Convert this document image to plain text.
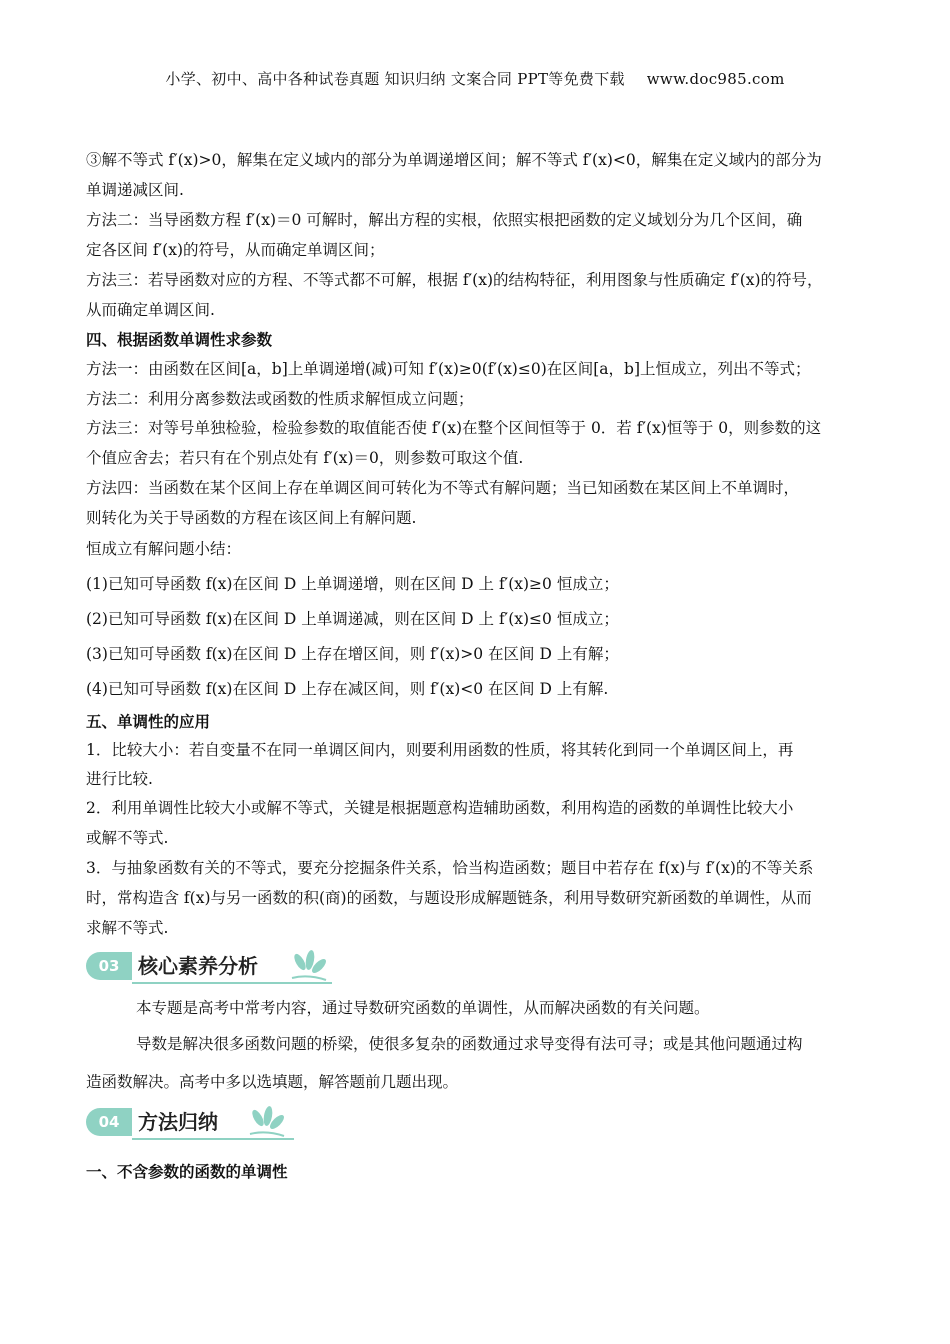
小学、初中、高中各种试卷真题 知识归纳 文案合同 PPT等免费下载 www.doc985.com
③解不等式 f′(x)>0，解集在定义域内的部分为单调递增区间；解不等式 f′(x)<0，解集在定义域内的部分为
单调递减区间.
方法二：当导函数方程 f′(x)＝0 可解时，解出方程的实根，依照实根把函数的定义域划分为几个区间，确
定各区间 f′(x)的符号，从而确定单调区间；
方法三：若导函数对应的方程、不等式都不可解，根据 f′(x)的结构特征，利用图象与性质确定 f′(x)的符号，
从而确定单调区间.
四、根据函数单调性求参数
方法一：由函数在区间[a，b]上单调递增(减)可知 f′(x)≥0(f′(x)≤0)在区间[a，b]上恒成立，列出不等式；
方法二：利用分离参数法或函数的性质求解恒成立问题；
方法三：对等号单独检验，检验参数的取值能否使 f′(x)在整个区间恒等于 0．若 f′(x)恒等于 0，则参数的这
个值应舍去；若只有在个别点处有 f′(x)＝0，则参数可取这个值.
方法四：当函数在某个区间上存在单调区间可转化为不等式有解问题；当已知函数在某区间上不单调时，
则转化为关于导函数的方程在该区间上有解问题.
恒成立有解问题小结：
(1)已知可导函数 f(x)在区间 D 上单调递增，则在区间 D 上 f′(x)≥0 恒成立；
(2)已知可导函数 f(x)在区间 D 上单调递减，则在区间 D 上 f′(x)≤0 恒成立；
(3)已知可导函数 f(x)在区间 D 上存在增区间，则 f′(x)>0 在区间 D 上有解；
(4)已知可导函数 f(x)在区间 D 上存在减区间，则 f′(x)<0 在区间 D 上有解.
五、单调性的应用
1．比较大小：若自变量不在同一单调区间内，则要利用函数的性质，将其转化到同一个单调区间上，再
进行比较.
2．利用单调性比较大小或解不等式，关键是根据题意构造辅助函数，利用构造的函数的单调性比较大小
或解不等式.
3．与抽象函数有关的不等式，要充分挖掘条件关系，恰当构造函数；题目中若存在 f(x)与 f′(x)的不等关系
时，常构造含 f(x)与另一函数的积(商)的函数，与题设形成解题链条，利用导数研究新函数的单调性，从而
求解不等式.
03 核心素养分析
本专题是高考中常考内容，通过导数研究函数的单调性，从而解决函数的有关问题。
导数是解决很多函数问题的桥梁，使很多复杂的函数通过求导变得有法可寻；或是其他问题通过构
造函数解决。高考中多以选填题，解答题前几题出现。
04 方法归纳
一、不含参数的函数的单调性
